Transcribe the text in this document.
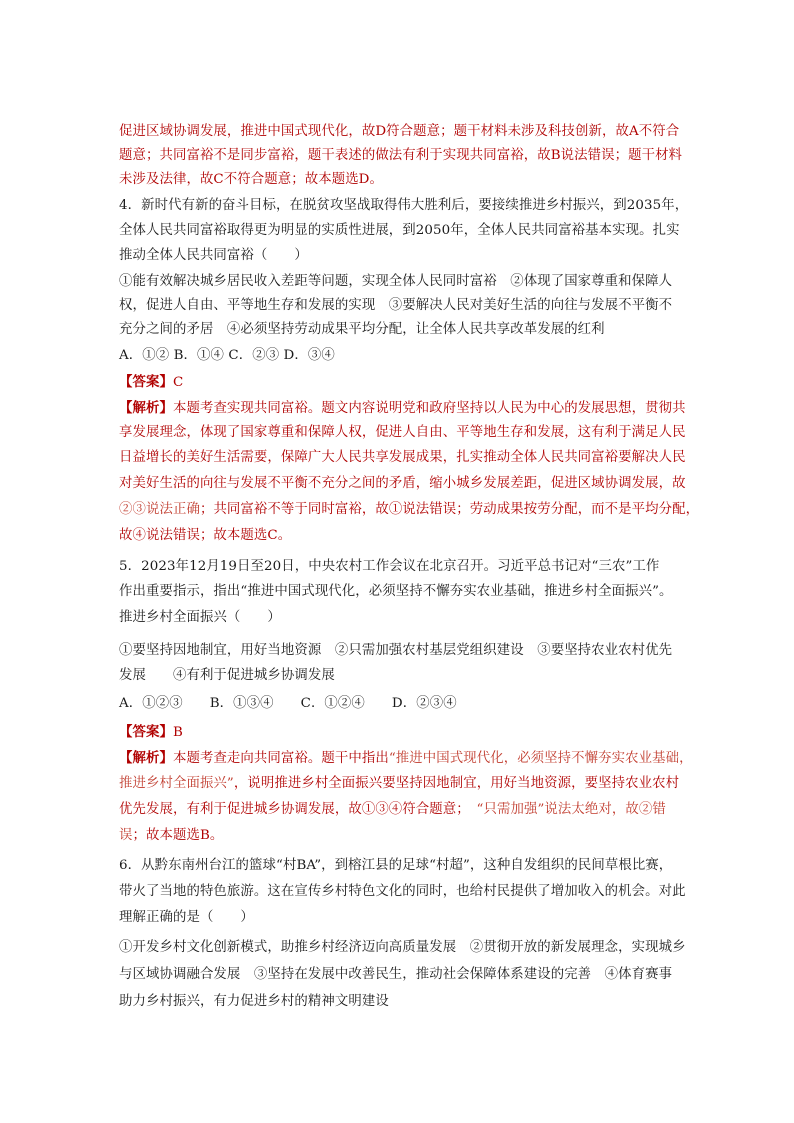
促进区域协调发展，推进中国式现代化，故D符合题意；题干材料未涉及科技创新，故A不符合
题意；共同富裕不是同步富裕，题干表述的做法有利于实现共同富裕，故B说法错误；题干材料
未涉及法律，故C不符合题意；故本题选D。
4．新时代有新的奋斗目标，在脱贫攻坚战取得伟大胜利后，要接续推进乡村振兴，到2035年，
全体人民共同富裕取得更为明显的实质性进展，到2050年，全体人民共同富裕基本实现。扎实
推动全体人民共同富裕（　　）
①能有效解决城乡居民收入差距等问题，实现全体人民同时富裕　②体现了国家尊重和保障人
权，促进人自由、平等地生存和发展的实现　③要解决人民对美好生活的向往与发展不平衡不
充分之间的矛居　④必须坚持劳动成果平均分配，让全体人民共享改革发展的红利
A．①② B．①④ C．②③ D．③④
【答案】C
【解析】本题考查实现共同富裕。题文内容说明党和政府坚持以人民为中心的发展思想，贯彻共
享发展理念，体现了国家尊重和保障人权，促进人自由、平等地生存和发展，这有利于满足人民
日益增长的美好生活需要，保障广大人民共享发展成果，扎实推动全体人民共同富裕要解决人民
对美好生活的向往与发展不平衡不充分之间的矛盾，缩小城乡发展差距，促进区域协调发展，故
②③说法正确；共同富裕不等于同时富裕，故①说法错误；劳动成果按劳分配，而不是平均分配，
故④说法错误；故本题选C。
5．2023年12月19日至20日，中央农村工作会议在北京召开。习近平总书记对“三农”工作
作出重要指示，指出“推进中国式现代化，必须坚持不懈夯实农业基础，推进乡村全面振兴”。
推进乡村全面振兴（　　）
①要坚持因地制宜，用好当地资源　②只需加强农村基层党组织建设　③要坚持农业农村优先
发展　　④有利于促进城乡协调发展
A．①②③　　B．①③④　　C．①②④　　D．②③④
【答案】B
【解析】本题考查走向共同富裕。题干中指出“推进中国式现代化，必须坚持不懈夯实农业基础，
推进乡村全面振兴”，说明推进乡村全面振兴要坚持因地制宜，用好当地资源，要坚持农业农村
优先发展，有利于促进城乡协调发展，故①③④符合题意；　“只需加强”说法太绝对，故②错
误；故本题选B。
6．从黔东南州台江的篮球“村BA”，到榕江县的足球“村超”，这种自发组织的民间草根比赛，
带火了当地的特色旅游。这在宣传乡村特色文化的同时，也给村民提供了增加收入的机会。对此
理解正确的是（　　）
①开发乡村文化创新模式，助推乡村经济迈向高质量发展　②贯彻开放的新发展理念，实现城乡
与区域协调融合发展　③坚持在发展中改善民生，推动社会保障体系建设的完善　④体育赛事
助力乡村振兴，有力促进乡村的精神文明建设
